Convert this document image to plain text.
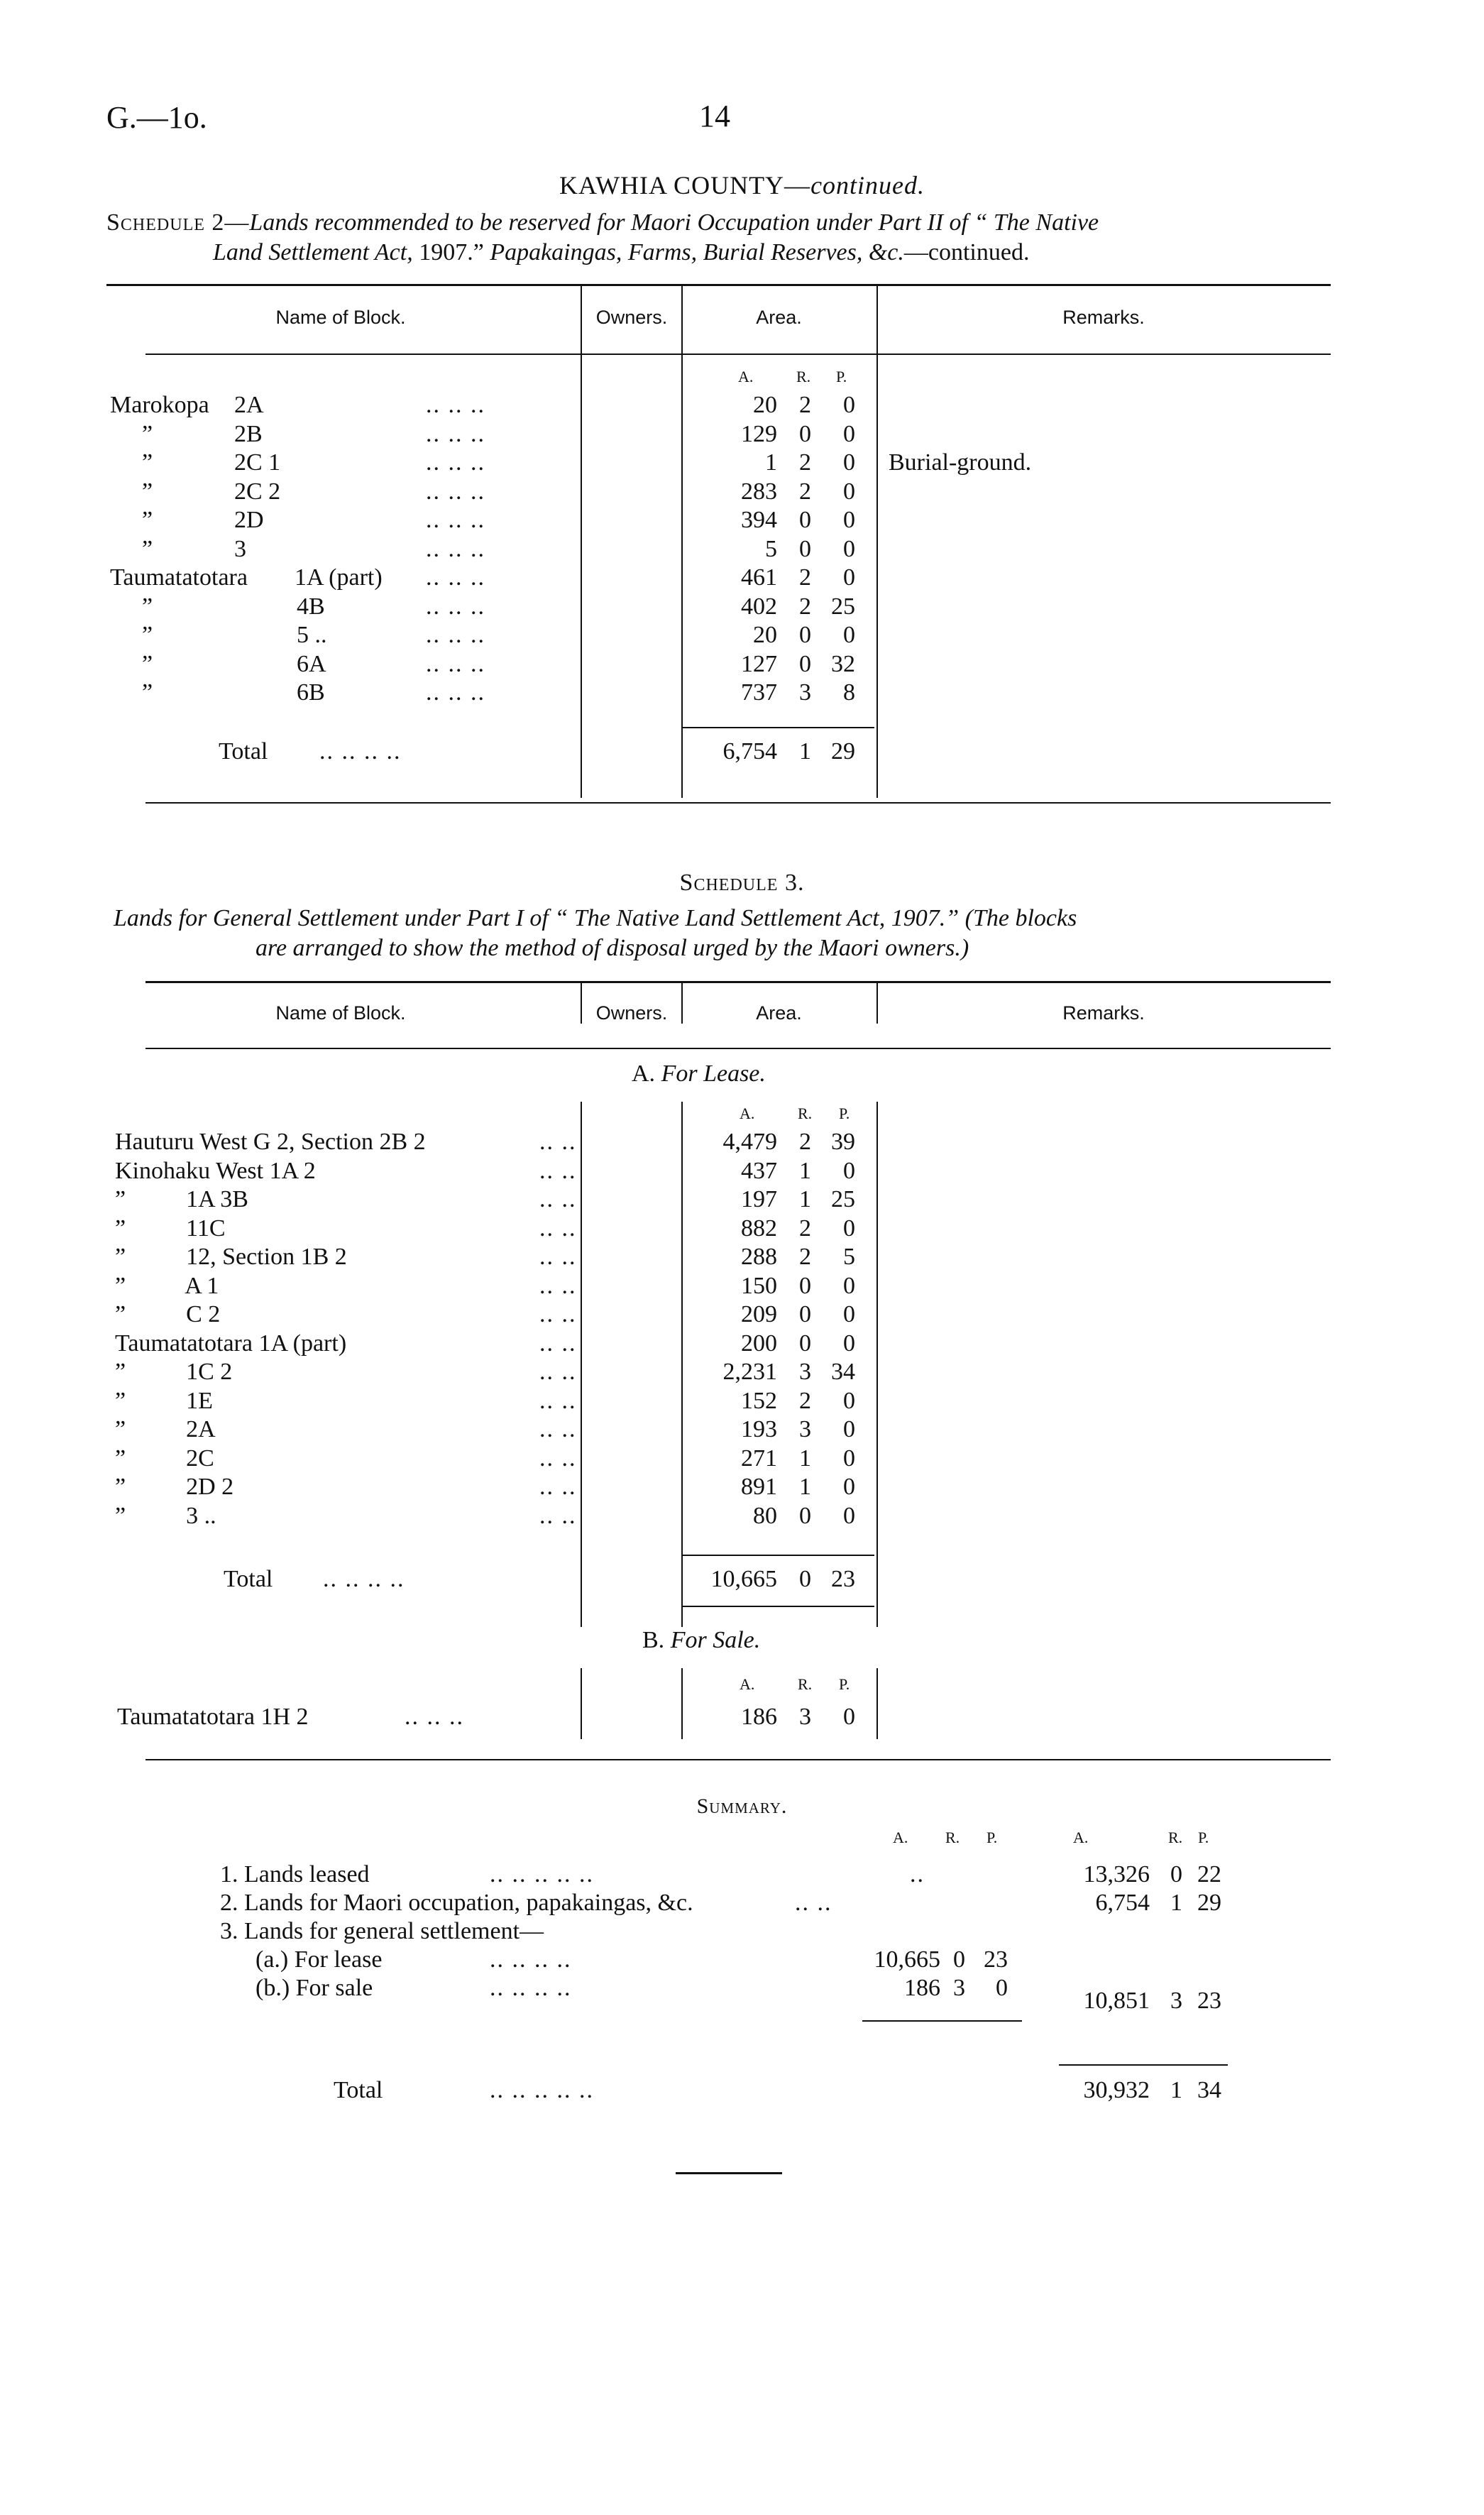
G.—1o.	14
KAWHIA COUNTY—continued.
Schedule 2—Lands recommended to be reserved for Maori Occupation under Part II of “ The Native
Land Settlement Act, 1907.” Papakaingas, Farms, Burial Reserves, &c.—continued.
Name of Block.	Owners.	Area.	Remarks.
A.	R. P.
Marokopa 2A	.. .. ..	20 2	0
”	2B	.. .. ..	129 0	0
”	2C 1	.. .. ..	1 2	0 Burial-ground.
”	2C 2	.. .. ..	283 2	0
”	2D	.. .. ..	394 0	0
”	3	.. .. ..	5 0	0
Taumatatotara 1A (part) .. .. ..	461 2	0
”	4B	.. .. ..	402 2 25
”	5 ..	.. .. ..	20 0	0
”	6A	.. .. ..	127 0 32
”	6B	.. .. ..	737 3	8
Total .. .. .. ..	6,754 1 29
Schedule 3.
Lands for General Settlement under Part I of “ The Native Land Settlement Act, 1907.” (The blocks
are arranged to show the method of disposal urged by the Maori owners.)
Name of Block.	Owners.	Area.	Remarks.
A. For Lease.
A.	R. P.
Hauturu West G 2, Section 2B 2	.. ..	4,479 2 39
Kinohaku West 1A 2	.. ..	437 1	0
”          1A 3B	.. ..	197 1 25
”          11C	.. ..	882 2	0
”          12, Section 1B 2	.. ..	288 2	5
”          A 1	.. ..	150 0	0
”          C 2	.. ..	209 0	0
Taumatatotara 1A (part)	.. ..	200 0	0
”          1C 2	.. ..	2,231 3 34
”          1E	.. ..	152 2	0
”          2A	.. ..	193 3	0
”          2C	.. ..	271 1	0
”          2D 2	.. ..	891 1	0
”          3 ..	.. ..	80 0	0
Total .. .. .. ..	10,665 0 23
B. For Sale.
A.	R. P.
Taumatatotara 1H 2	.. .. ..	186 3	0
Summary.
A. R. P.	A.	R. P.
1. Lands leased	.. .. .. .. ..	..	13,326 0 22
2. Lands for Maori occupation, papakaingas, &c.	.. ..	6,754 1 29
3. Lands for general settlement—
(a.) For lease	.. .. .. ..	10,665 0 23
(b.) For sale	.. .. .. ..	186 3	0	10,851 3 23
Total	.. .. .. .. ..	30,932 1 34
